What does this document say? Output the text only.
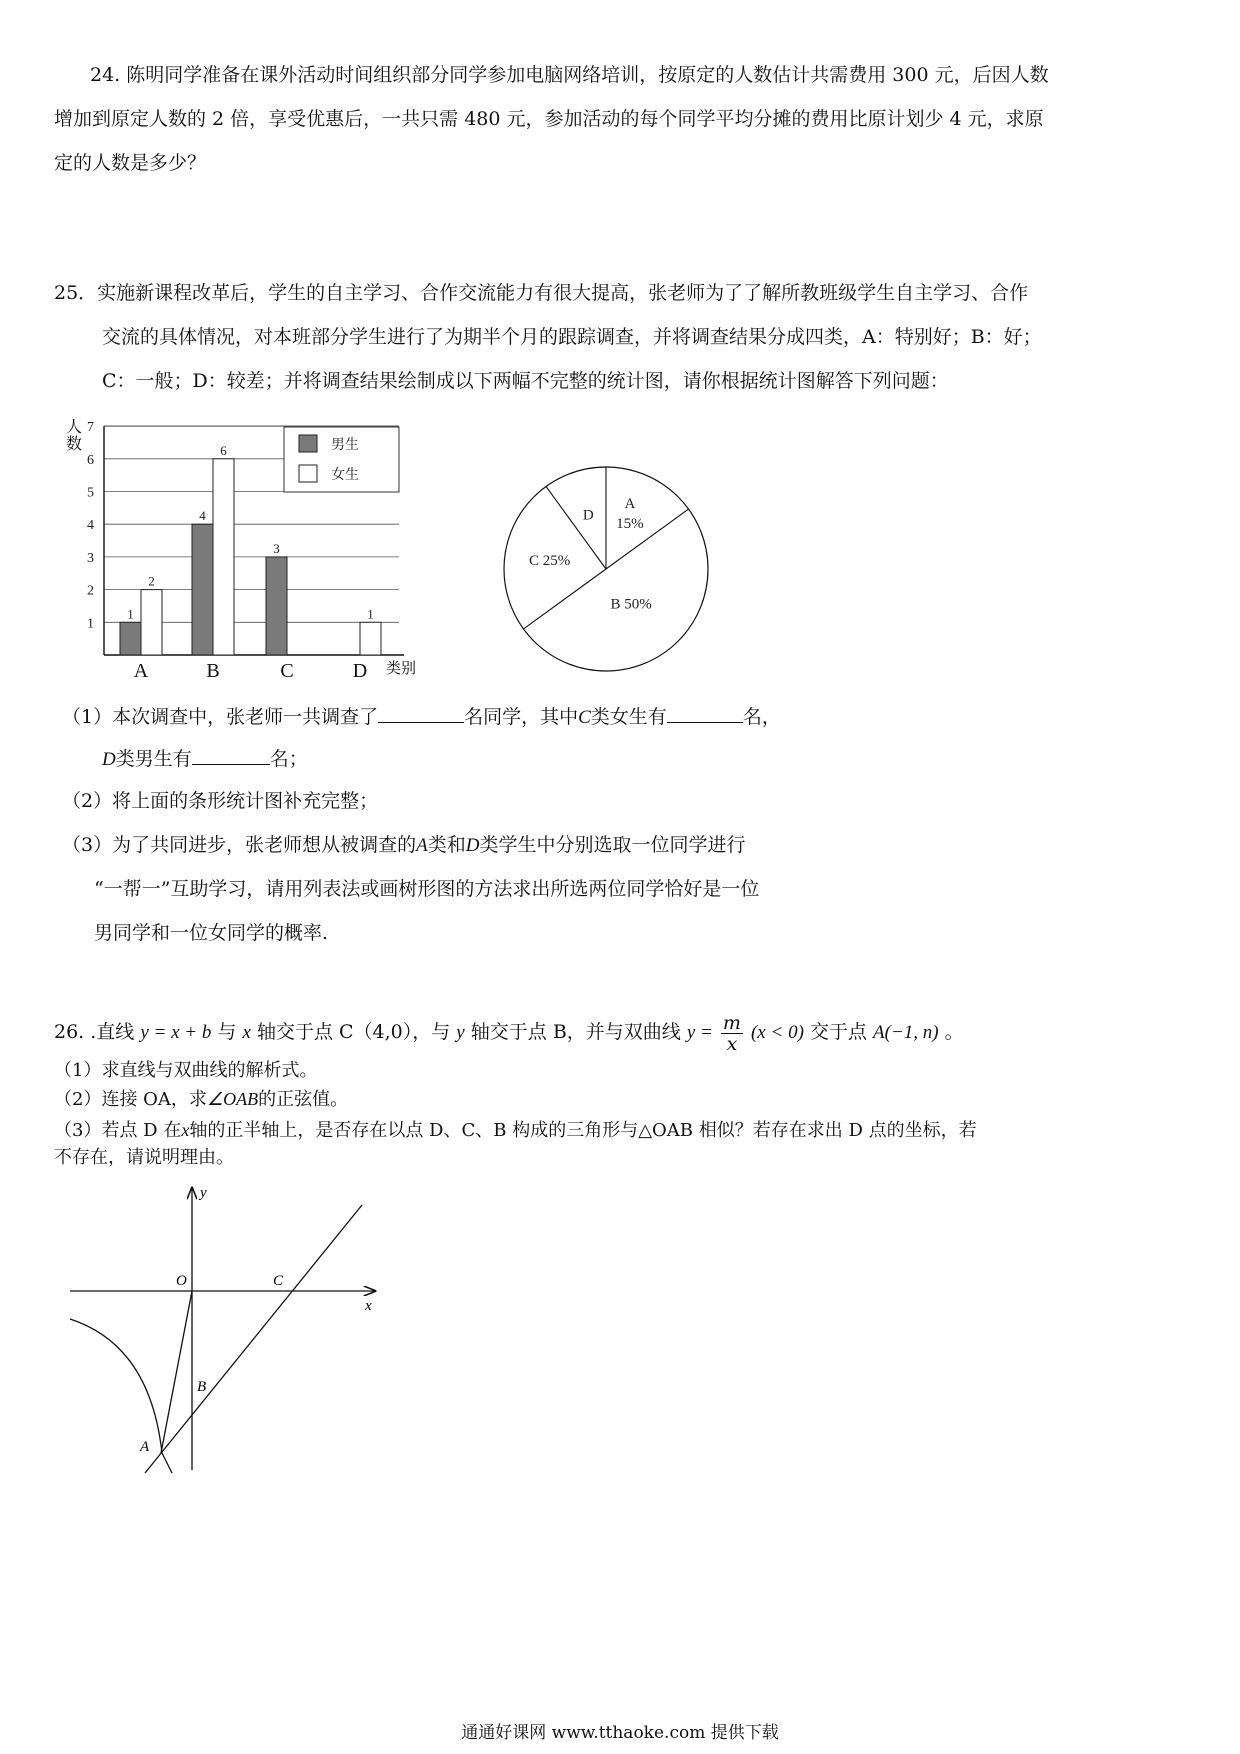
24. 陈明同学准备在课外活动时间组织部分同学参加电脑网络培训，按原定的人数估计共需费用 300 元，后因人数
增加到原定人数的 2 倍，享受优惠后，一共只需 480 元，参加活动的每个同学平均分摊的费用比原计划少 4 元，求原
定的人数是多少？
25．实施新课程改革后，学生的自主学习、合作交流能力有很大提高，张老师为了了解所教班级学生自主学习、合作
交流的具体情况，对本班部分学生进行了为期半个月的跟踪调查，并将调查结果分成四类，A：特别好；B：好；
C：一般；D：较差；并将调查结果绘制成以下两幅不完整的统计图，请你根据统计图解答下列问题：
1
2
3
4
5
6
7
人
数
类别
1
2
A
4
6
B
3
C
1
D
男生
女生
A
15%
B 50%
C 25%
D
（1）本次调查中，张老师一共调查了	名同学，其中C类女生有	名，
D类男生有	名；
（2）将上面的条形统计图补充完整；
（3）为了共同进步，张老师想从被调查的A类和D类学生中分别选取一位同学进行
“一帮一”互助学习，请用列表法或画树形图的方法求出所选两位同学恰好是一位
男同学和一位女同学的概率.
26. .直线 y = x + b 与 x 轴交于点 C（4,0），与 y 轴交于点 B，并与双曲线 $y = \frac{m}{x} (x < 0)$ 交于点 A(−1, n) 。
（1）求直线与双曲线的解析式。
（2）连接 OA，求∠OAB的正弦值。
（3）若点 D 在x轴的正半轴上，是否存在以点 D、C、B 构成的三角形与△OAB 相似？若存在求出 D 点的坐标，若
不存在，请说明理由。
y
x
O	C
B
A
通通好课网 www.tthaoke.com 提供下载
